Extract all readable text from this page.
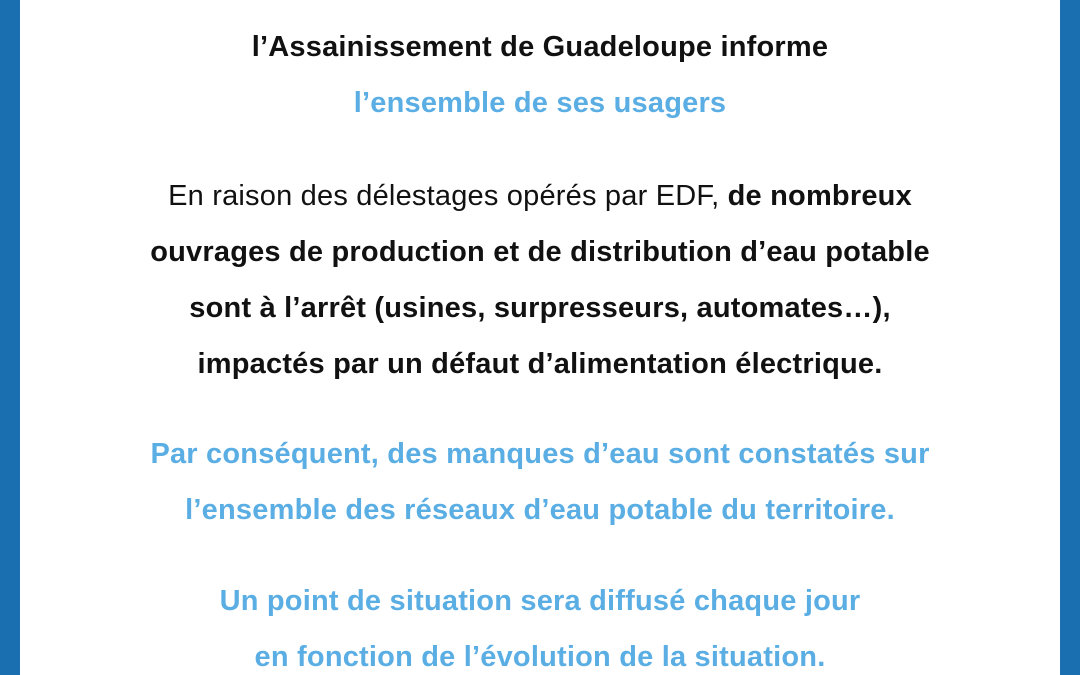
l’Assainissement de Guadeloupe informe
l’ensemble de ses usagers
En raison des délestages opérés par EDF, de nombreux
ouvrages de production et de distribution d’eau potable
sont à l’arrêt (usines, surpresseurs, automates…),
impactés par un défaut d’alimentation électrique.
Par conséquent, des manques d’eau sont constatés sur
l’ensemble des réseaux d’eau potable du territoire.
Un point de situation sera diffusé chaque jour
en fonction de l’évolution de la situation.
